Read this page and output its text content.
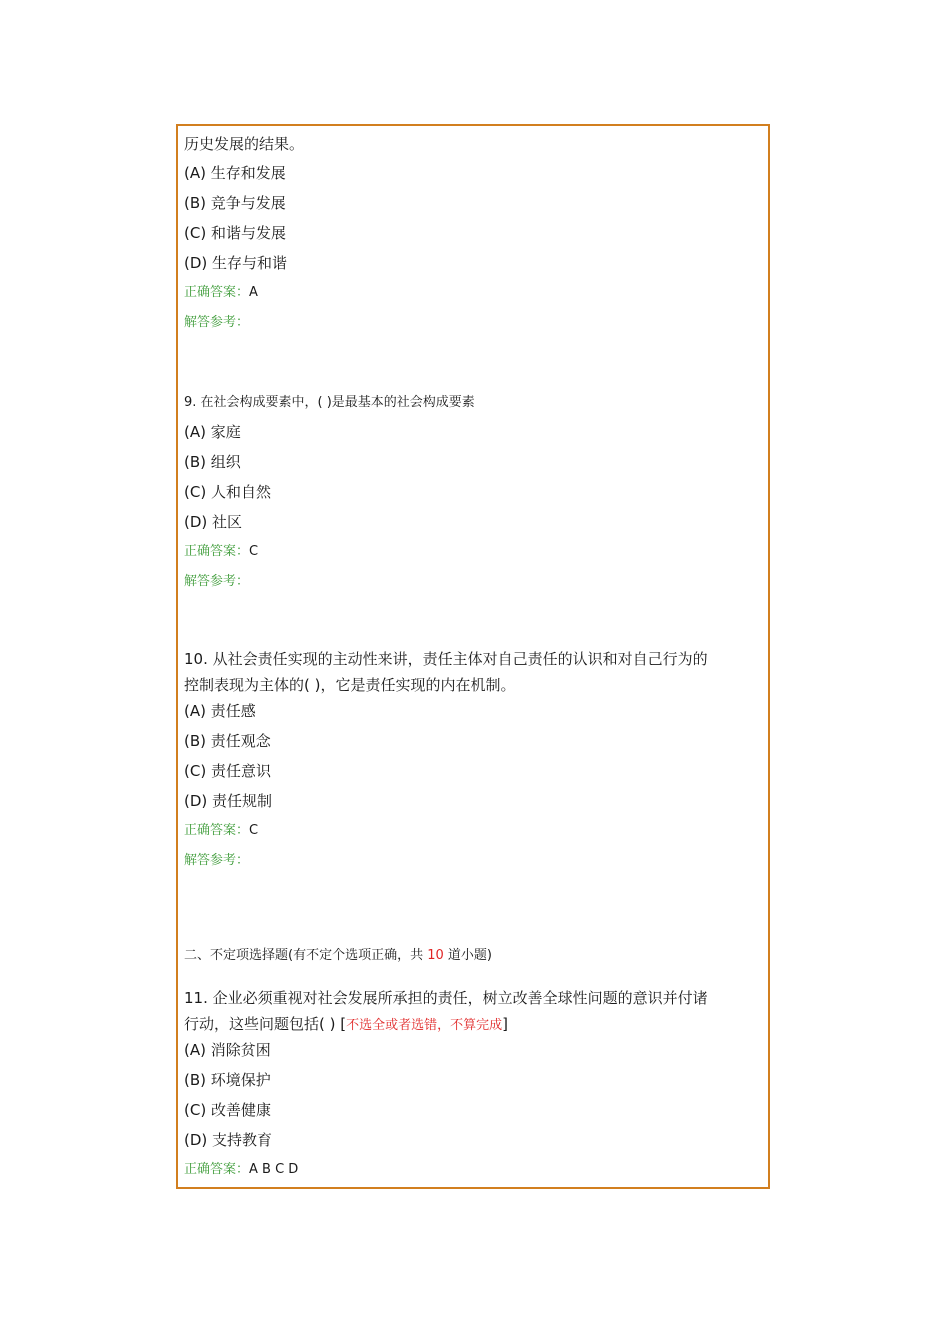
历史发展的结果。
(A) 生存和发展
(B) 竞争与发展
(C) 和谐与发展
(D) 生存与和谐
正确答案：A
解答参考：
9. 在社会构成要素中，( )是最基本的社会构成要素
(A) 家庭
(B) 组织
(C) 人和自然
(D) 社区
正确答案：C
解答参考：
10. 从社会责任实现的主动性来讲，责任主体对自己责任的认识和对自己行为的
控制表现为主体的( )，它是责任实现的内在机制。
(A) 责任感
(B) 责任观念
(C) 责任意识
(D) 责任规制
正确答案：C
解答参考：
二、不定项选择题(有不定个选项正确，共 10 道小题)
11. 企业必须重视对社会发展所承担的责任，树立改善全球性问题的意识并付诸
行动，这些问题包括( ) [不选全或者选错，不算完成]
(A) 消除贫困
(B) 环境保护
(C) 改善健康
(D) 支持教育
正确答案：A B C D
